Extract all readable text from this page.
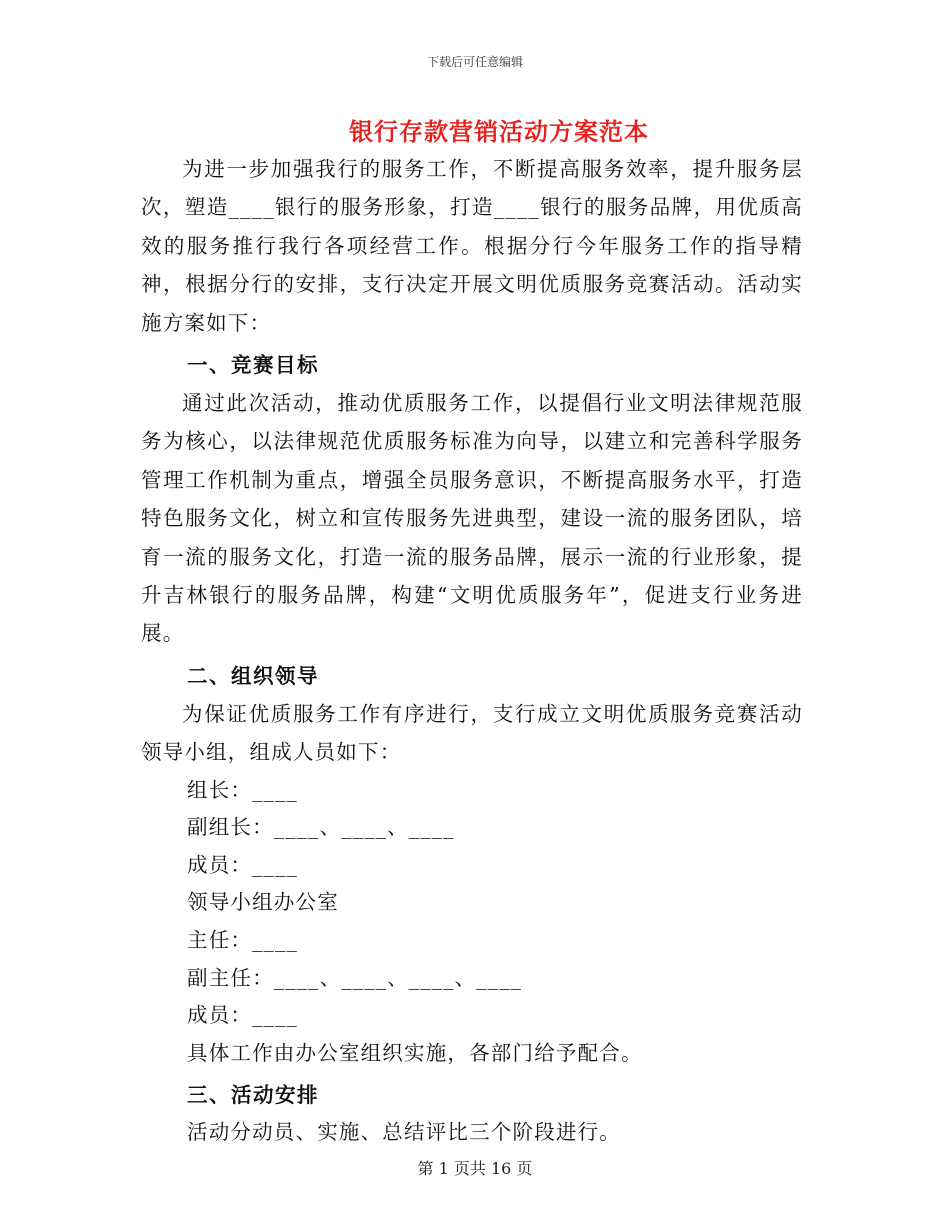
下载后可任意编辑
银行存款营销活动方案范本

为进一步加强我行的服务工作，不断提高服务效率，提升服务层次，塑造____银行的服务形象，打造____银行的服务品牌，用优质高效的服务推行我行各项经营工作。根据分行今年服务工作的指导精神，根据分行的安排，支行决定开展文明优质服务竞赛活动。活动实施方案如下：

一、竞赛目标

通过此次活动，推动优质服务工作，以提倡行业文明法律规范服务为核心，以法律规范优质服务标准为向导，以建立和完善科学服务管理工作机制为重点，增强全员服务意识，不断提高服务水平，打造特色服务文化，树立和宣传服务先进典型，建设一流的服务团队，培育一流的服务文化，打造一流的服务品牌，展示一流的行业形象，提升吉林银行的服务品牌，构建“文明优质服务年”，促进支行业务进展。

二、组织领导

为保证优质服务工作有序进行，支行成立文明优质服务竞赛活动领导小组，组成人员如下：

组长：____

副组长：____、____、____

成员：____

领导小组办公室

主任：____

副主任：____、____、____、____

成员：____

具体工作由办公室组织实施，各部门给予配合。

三、活动安排

活动分动员、实施、总结评比三个阶段进行。

第 1 页共 16 页
